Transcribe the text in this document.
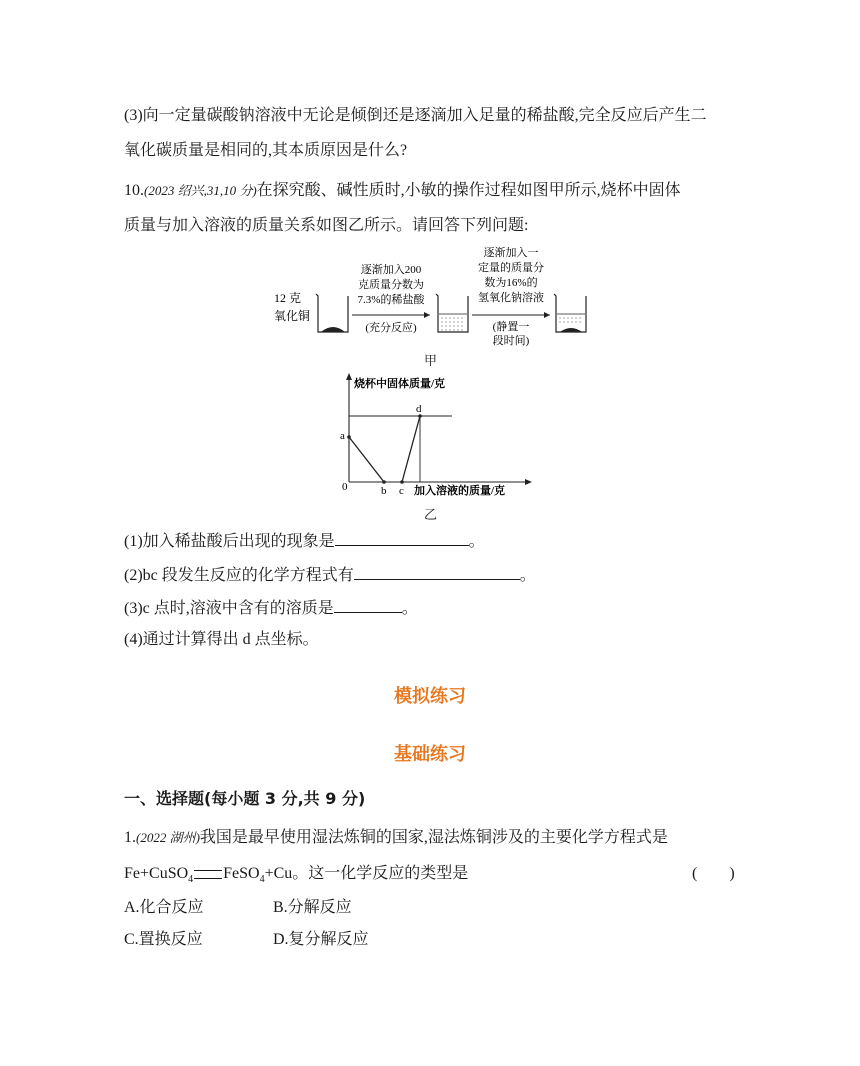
(3)向一定量碳酸钠溶液中无论是倾倒还是逐滴加入足量的稀盐酸,完全反应后产生二
氧化碳质量是相同的,其本质原因是什么?
10.(2023 绍兴,31,10 分)在探究酸、碱性质时,小敏的操作过程如图甲所示,烧杯中固体
质量与加入溶液的质量关系如图乙所示。请回答下列问题:
12 克
氧化铜
逐渐加入200
克质量分数为
7.3%的稀盐酸
(充分反应)
逐渐加入一
定量的质量分
数为16%的
氢氧化钠溶液
(静置一
段时间)
甲
烧杯中固体质量/克
0	加入溶液的质量/克
a
b c
d
乙
(1)加入稀盐酸后出现的现象是	。
(2)bc 段发生反应的化学方程式有	。
(3)c 点时,溶液中含有的溶质是	。
(4)通过计算得出 d 点坐标。
模拟练习
基础练习
一、选择题(每小题 3 分,共 9 分)
1.(2022 湖州)我国是最早使用湿法炼铜的国家,湿法炼铜涉及的主要化学方程式是
Fe+CuSO$_4$ FeSO$_4$+Cu。这一化学反应的类型是	(　　)
A.化合反应	B.分解反应
C.置换反应	D.复分解反应
